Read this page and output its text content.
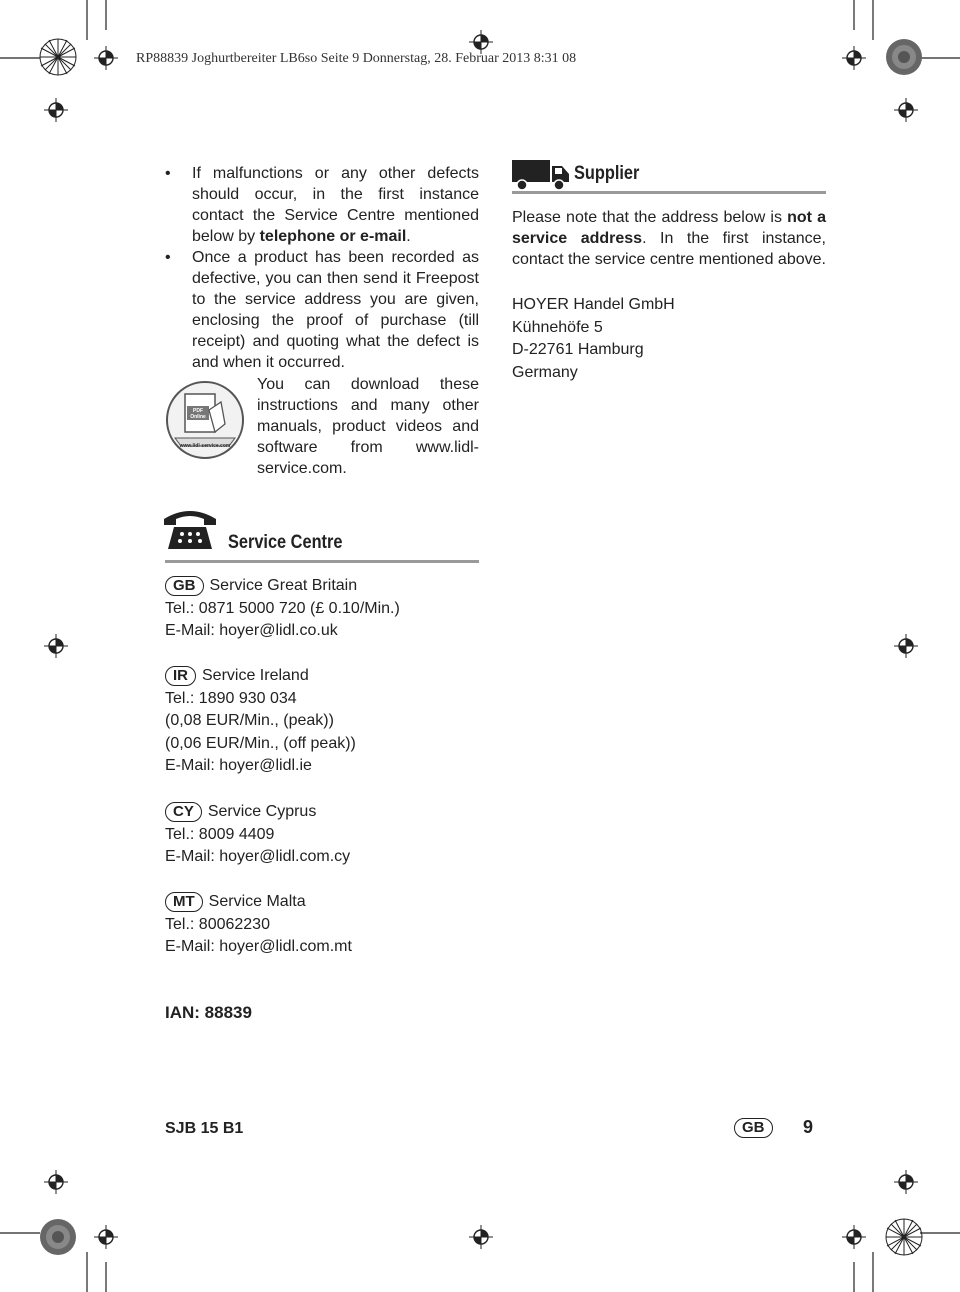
RP88839 Joghurtbereiter LB6so Seite 9 Donnerstag, 28. Februar 2013 8:31 08
• If malfunctions or any other defects should occur, in the first instance contact the Service Centre mentioned below by telephone or e-mail.
• Once a product has been recorded as defective, you can then send it Freepost to the service address you are given, enclosing the proof of purchase (till receipt) and quoting what the defect is and when it occurred.
www.lidl-service.com
PDF Online
You can download these instructions and many other manuals, product videos and software from www.lidl-service.com.
Supplier
Please note that the address below is not a service address. In the first instance, contact the service centre mentioned above.
HOYER Handel GmbH
Kühnehöfe 5
D-22761 Hamburg
Germany
Service Centre
GB Service Great Britain
Tel.: 0871 5000 720 (£ 0.10/Min.)
E-Mail: hoyer@lidl.co.uk
IR Service Ireland
Tel.: 1890 930 034
(0,08 EUR/Min., (peak))
(0,06 EUR/Min., (off peak))
E-Mail: hoyer@lidl.ie
CY Service Cyprus
Tel.: 8009 4409
E-Mail: hoyer@lidl.com.cy
MT Service Malta
Tel.: 80062230
E-Mail: hoyer@lidl.com.mt
IAN: 88839
SJB 15 B1	GB	9
